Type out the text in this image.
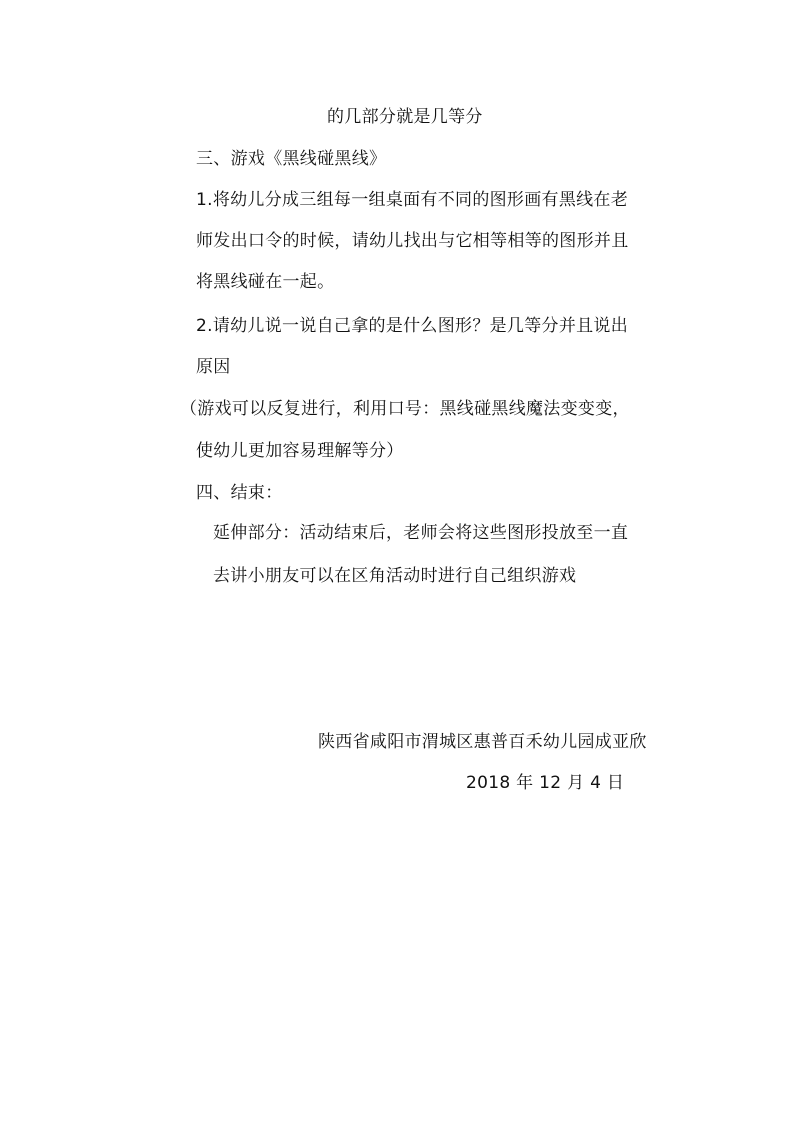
的几部分就是几等分
三、游戏《黑线碰黑线》
1.将幼儿分成三组每一组桌面有不同的图形画有黑线在老
师发出口令的时候，请幼儿找出与它相等相等的图形并且
将黑线碰在一起。
2.请幼儿说一说自己拿的是什么图形？是几等分并且说出
原因
（游戏可以反复进行，利用口号：黑线碰黑线魔法变变变，
使幼儿更加容易理解等分）
四、结束：
延伸部分：活动结束后，老师会将这些图形投放至一直
去讲小朋友可以在区角活动时进行自己组织游戏
陕西省咸阳市渭城区惠普百禾幼儿园成亚欣
2018 年 12 月 4 日
